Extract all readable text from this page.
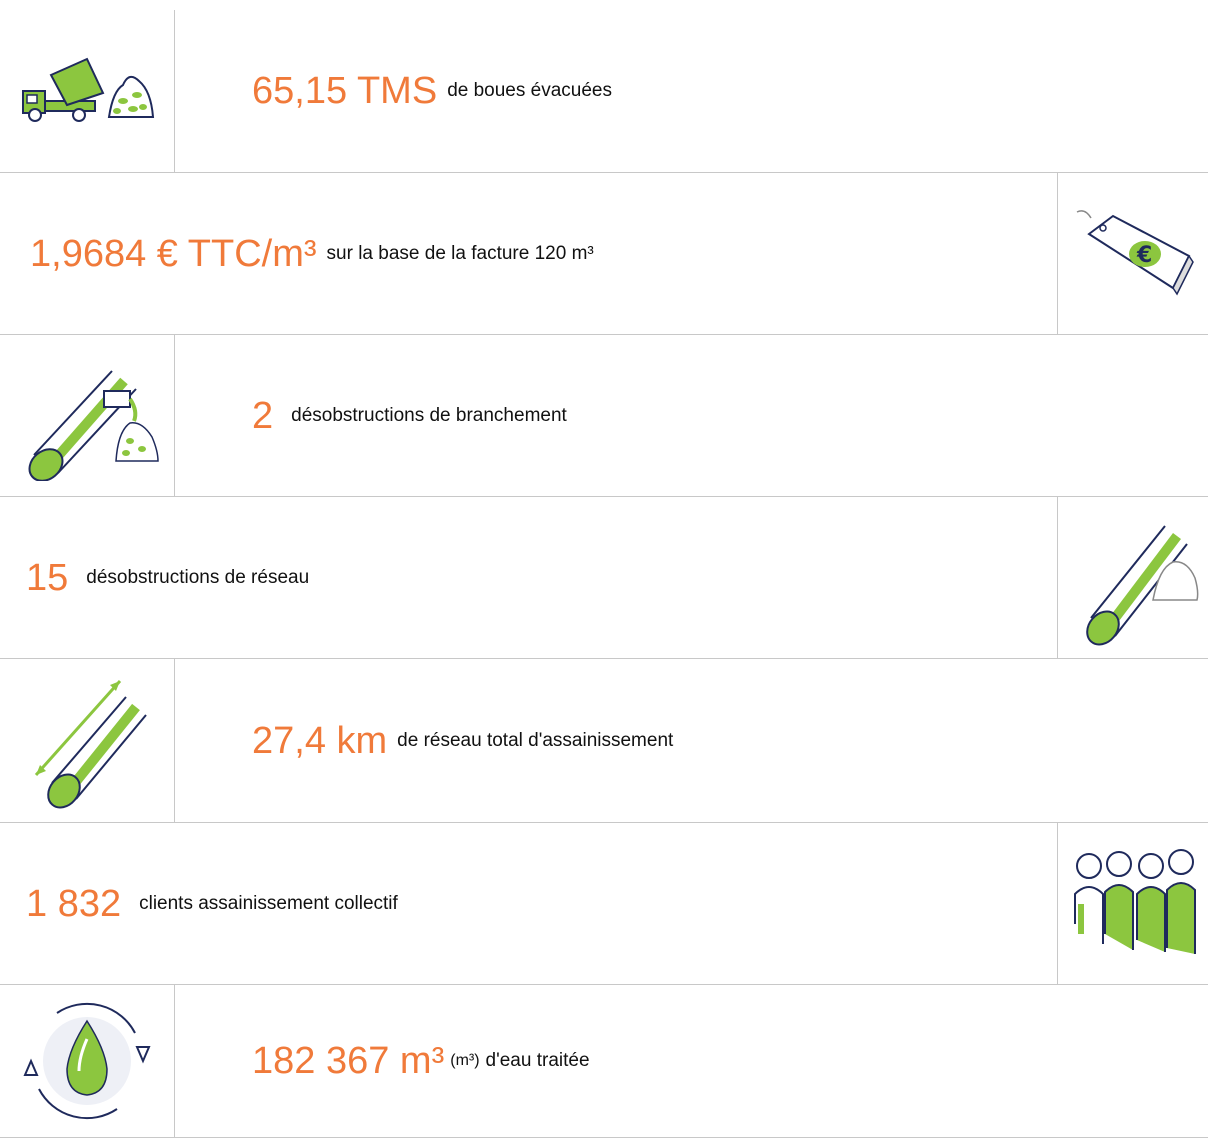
65,15 TMS de boues évacuées
1,9684 € TTC/m³ sur la base de la facture 120 m³	€
2 désobstructions de branchement
15 désobstructions de réseau
27,4 km de réseau total d'assainissement
1 832 clients assainissement collectif
182 367 m³ (m³) d'eau traitée
